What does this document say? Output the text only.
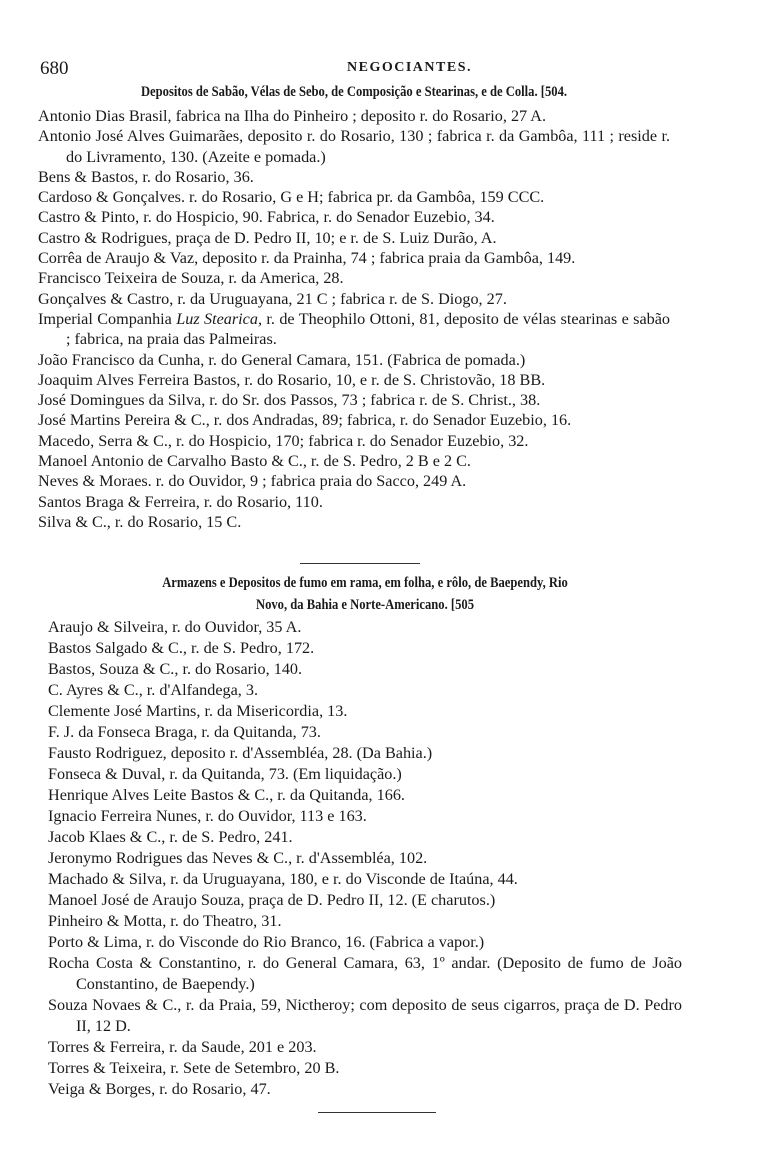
680	NEGOCIANTES.
Depositos de Sabão, Vélas de Sebo, de Composição e Stearinas, e de Colla. [504.
Antonio Dias Brasil, fabrica na Ilha do Pinheiro ; deposito r. do Rosario, 27 A.
Antonio José Alves Guimarães, deposito r. do Rosario, 130 ; fabrica r. da Gambôa, 111 ; reside r. do Livramento, 130. (Azeite e pomada.)
Bens & Bastos, r. do Rosario, 36.
Cardoso & Gonçalves. r. do Rosario, G e H; fabrica pr. da Gambôa, 159 CCC.
Castro & Pinto, r. do Hospicio, 90. Fabrica, r. do Senador Euzebio, 34.
Castro & Rodrigues, praça de D. Pedro II, 10; e r. de S. Luiz Durão, A.
Corrêa de Araujo & Vaz, deposito r. da Prainha, 74 ; fabrica praia da Gambôa, 149.
Francisco Teixeira de Souza, r. da America, 28.
Gonçalves & Castro, r. da Uruguayana, 21 C ; fabrica r. de S. Diogo, 27.
Imperial Companhia Luz Stearica, r. de Theophilo Ottoni, 81, deposito de vélas stearinas e sabão ; fabrica, na praia das Palmeiras.
João Francisco da Cunha, r. do General Camara, 151. (Fabrica de pomada.)
Joaquim Alves Ferreira Bastos, r. do Rosario, 10, e r. de S. Christovão, 18 BB.
José Domingues da Silva, r. do Sr. dos Passos, 73 ; fabrica r. de S. Christ., 38.
José Martins Pereira & C., r. dos Andradas, 89; fabrica, r. do Senador Euzebio, 16.
Macedo, Serra & C., r. do Hospicio, 170; fabrica r. do Senador Euzebio, 32.
Manoel Antonio de Carvalho Basto & C., r. de S. Pedro, 2 B e 2 C.
Neves & Moraes. r. do Ouvidor, 9 ; fabrica praia do Sacco, 249 A.
Santos Braga & Ferreira, r. do Rosario, 110.
Silva & C., r. do Rosario, 15 C.
Armazens e Depositos de fumo em rama, em folha, e rôlo, de Baependy, Rio
Novo, da Bahia e Norte-Americano. [505
Araujo & Silveira, r. do Ouvidor, 35 A.
Bastos Salgado & C., r. de S. Pedro, 172.
Bastos, Souza & C., r. do Rosario, 140.
C. Ayres & C., r. d'Alfandega, 3.
Clemente José Martins, r. da Misericordia, 13.
F. J. da Fonseca Braga, r. da Quitanda, 73.
Fausto Rodriguez, deposito r. d'Assembléa, 28. (Da Bahia.)
Fonseca & Duval, r. da Quitanda, 73. (Em liquidação.)
Henrique Alves Leite Bastos & C., r. da Quitanda, 166.
Ignacio Ferreira Nunes, r. do Ouvidor, 113 e 163.
Jacob Klaes & C., r. de S. Pedro, 241.
Jeronymo Rodrigues das Neves & C., r. d'Assembléa, 102.
Machado & Silva, r. da Uruguayana, 180, e r. do Visconde de Itaúna, 44.
Manoel José de Araujo Souza, praça de D. Pedro II, 12. (E charutos.)
Pinheiro & Motta, r. do Theatro, 31.
Porto & Lima, r. do Visconde do Rio Branco, 16. (Fabrica a vapor.)
Rocha Costa & Constantino, r. do General Camara, 63, 1º andar. (Deposito de fumo de João Constantino, de Baependy.)
Souza Novaes & C., r. da Praia, 59, Nictheroy; com deposito de seus cigarros, praça de D. Pedro II, 12 D.
Torres & Ferreira, r. da Saude, 201 e 203.
Torres & Teixeira, r. Sete de Setembro, 20 B.
Veiga & Borges, r. do Rosario, 47.
